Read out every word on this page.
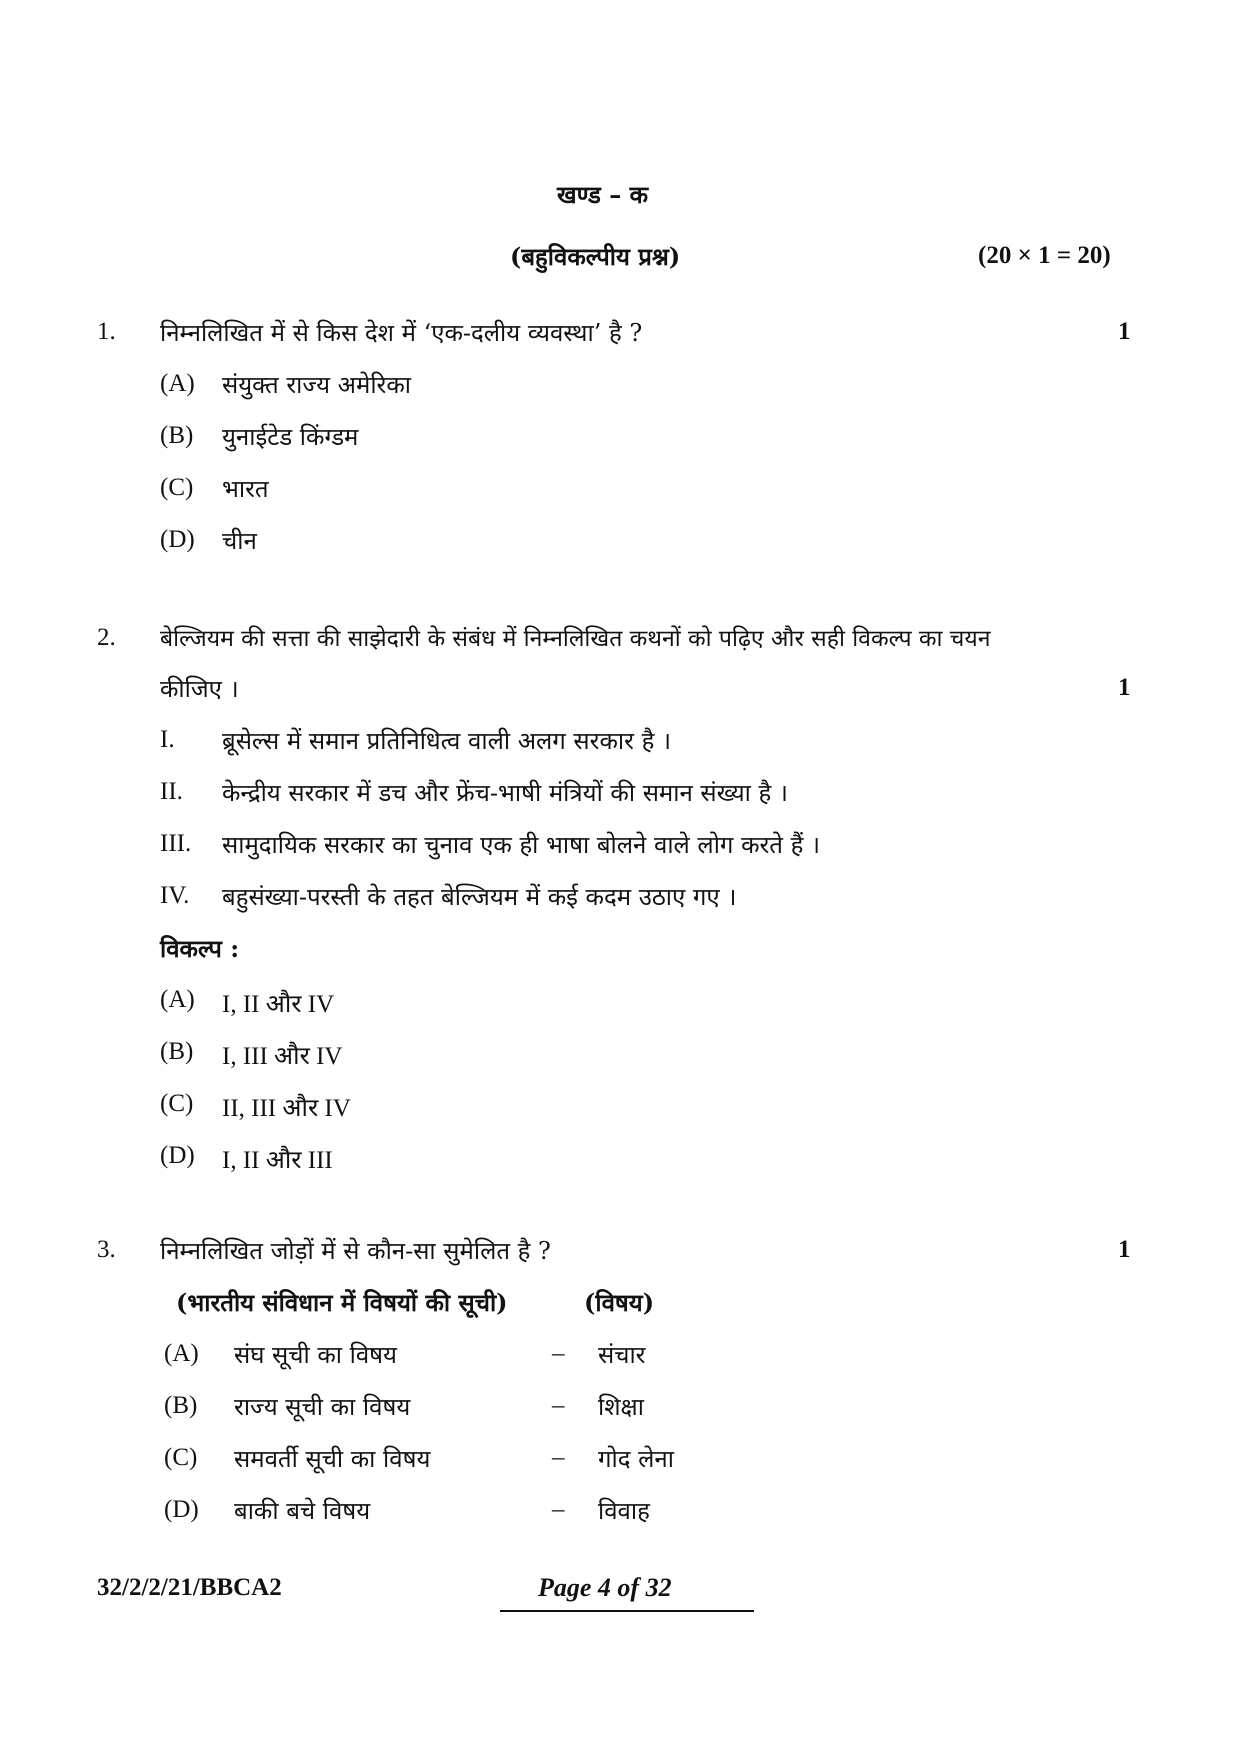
खण्ड – क
(बहुविकल्पीय प्रश्न)	(20 × 1 = 20)
1. निम्नलिखित में से किस देश में ‘एक-दलीय व्यवस्था’ है ?	1
(A) संयुक्त राज्य अमेरिका
(B) युनाईटेड किंग्डम
(C) भारत
(D) चीन
2. बेल्जियम की सत्ता की साझेदारी के संबंध में निम्नलिखित कथनों को पढ़िए और सही विकल्प का चयन
कीजिए ।	1
I. ब्रूसेल्स में समान प्रतिनिधित्व वाली अलग सरकार है ।
II. केन्द्रीय सरकार में डच और फ्रेंच-भाषी मंत्रियों की समान संख्या है ।
III. सामुदायिक सरकार का चुनाव एक ही भाषा बोलने वाले लोग करते हैं ।
IV. बहुसंख्या-परस्ती के तहत बेल्जियम में कई कदम उठाए गए ।
विकल्प :
(A) I, II और IV
(B) I, III और IV
(C) II, III और IV
(D) I, II और III
3. निम्नलिखित जोड़ों में से कौन-सा सुमेलित है ?	1
(भारतीय संविधान में विषयों की सूची)	(विषय)
(A) संघ सूची का विषय	– संचार
(B) राज्य सूची का विषय	– शिक्षा
(C) समवर्ती सूची का विषय	– गोद लेना
(D) बाकी बचे विषय	– विवाह
32/2/2/21/BBCA2	Page 4 of 32
